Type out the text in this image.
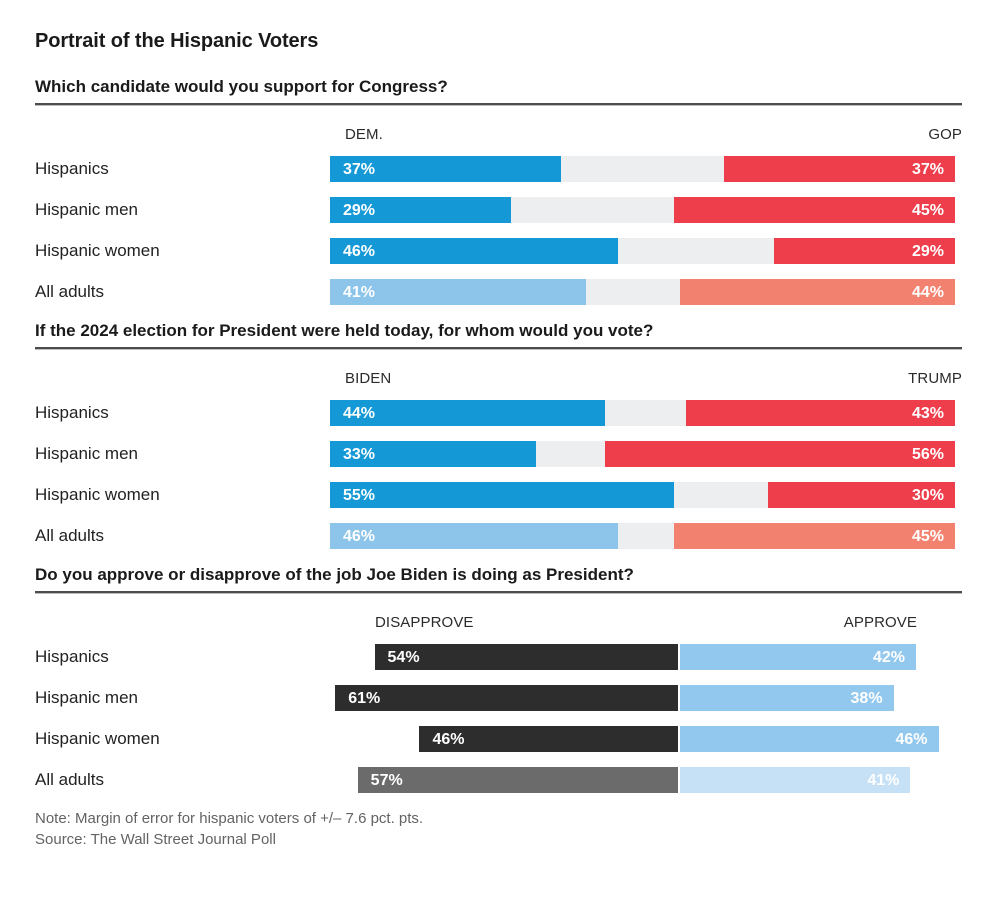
Portrait of the Hispanic Voters
Which candidate would you support for Congress?
DEM.	GOP
Hispanics	37%	37%
Hispanic men	29%	45%
Hispanic women	46%	29%
All adults	41%	44%
If the 2024 election for President were held today, for whom would you vote?
BIDEN	TRUMP
Hispanics	44%	43%
Hispanic men	33%	56%
Hispanic women	55%	30%
All adults	46%	45%
Do you approve or disapprove of the job Joe Biden is doing as President?
DISAPPROVE	APPROVE
Hispanics	54%	42%
Hispanic men	61%	38%
Hispanic women	46%	46%
All adults	57%	41%
Note: Margin of error for hispanic voters of +/– 7.6 pct. pts.
Source: The Wall Street Journal Poll
